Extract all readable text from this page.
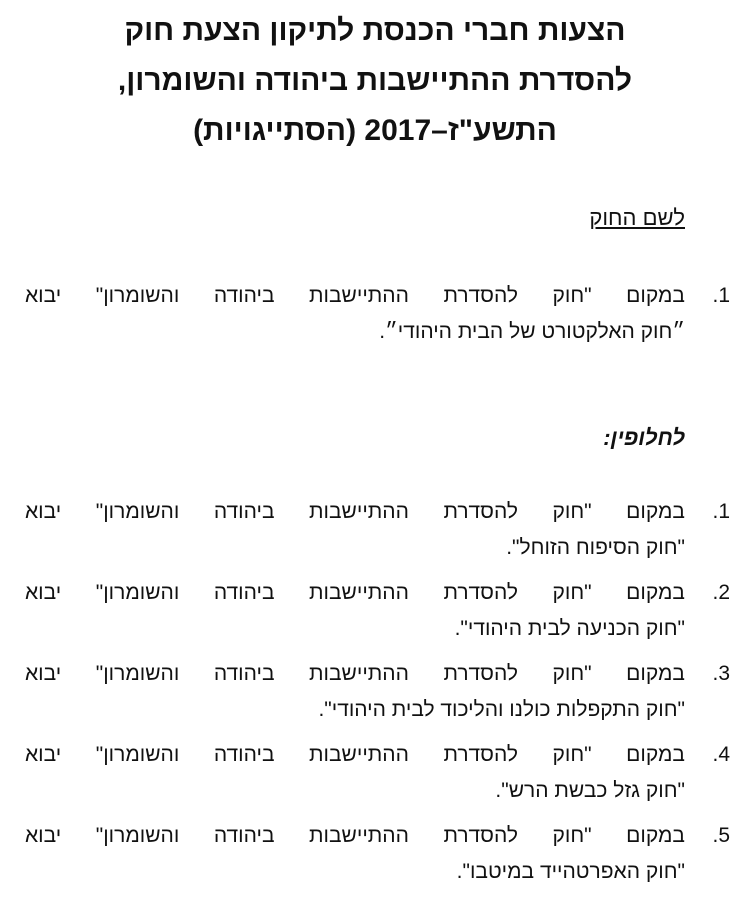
הצעות חברי הכנסת לתיקון הצעת חוק
להסדרת ההתיישבות ביהודה והשומרון,
התשע"ז–2017 (הסתייגויות)
לשם החוק
1.
במקום "חוק להסדרת ההתיישבות ביהודה והשומרון" יבוא
״חוק האלקטורט של הבית היהודי״.
לחלופין:
1.
במקום "חוק להסדרת ההתיישבות ביהודה והשומרון" יבוא
"חוק הסיפוח הזוחל".
2.
במקום "חוק להסדרת ההתיישבות ביהודה והשומרון" יבוא
"חוק הכניעה לבית היהודי".
3.
במקום "חוק להסדרת ההתיישבות ביהודה והשומרון" יבוא
"חוק התקפלות כולנו והליכוד לבית היהודי".
4.
במקום "חוק להסדרת ההתיישבות ביהודה והשומרון" יבוא
"חוק גזל כבשת הרש".
5.
במקום "חוק להסדרת ההתיישבות ביהודה והשומרון" יבוא
"חוק האפרטהייד במיטבו".
